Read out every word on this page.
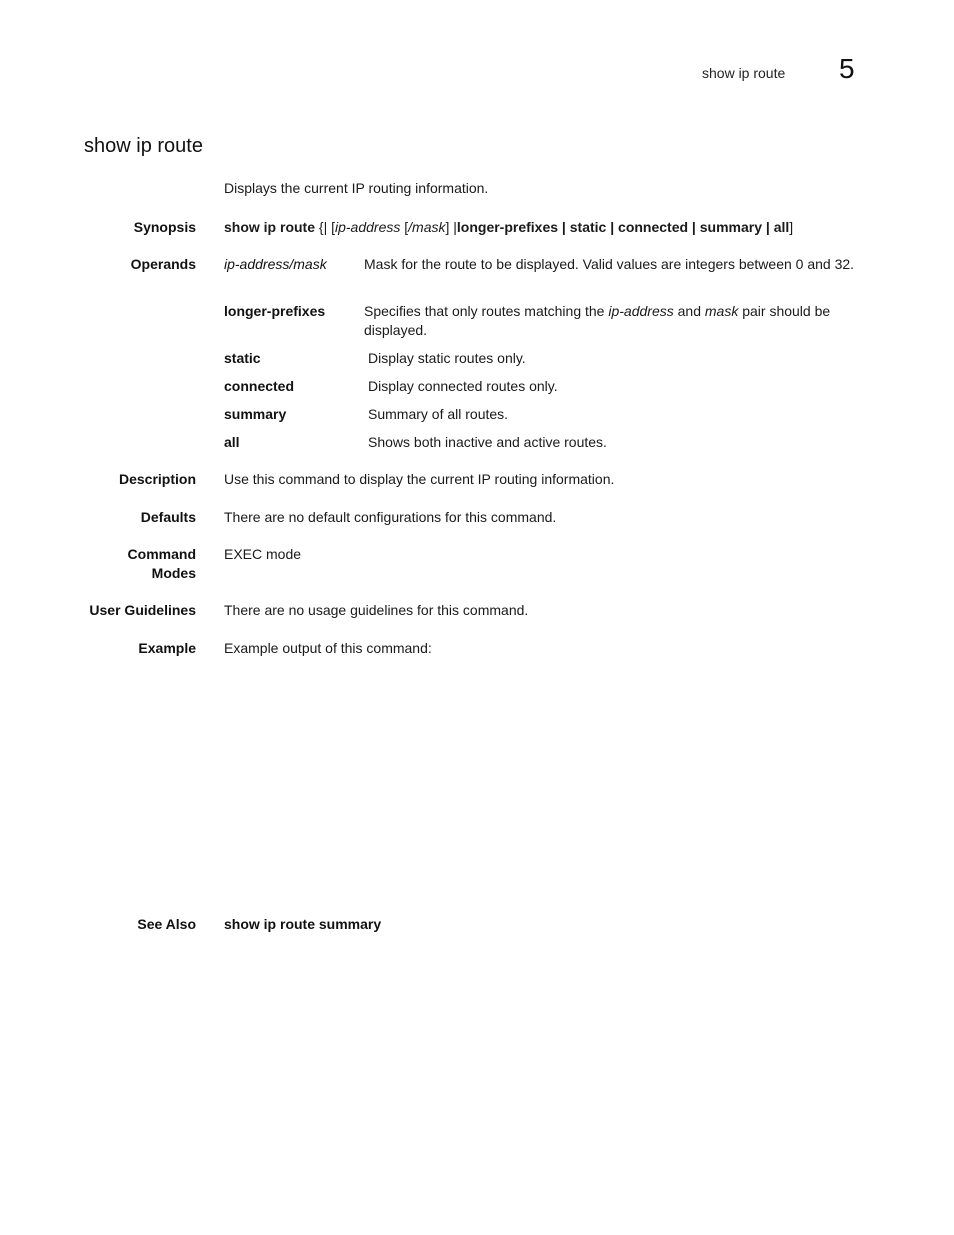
show ip route 5
show ip route
Displays the current IP routing information.
Synopsis show ip route {| [ip-address [/mask] |longer-prefixes | static | connected | summary | all]
Operands ip-address/mask	Mask for the route to be displayed. Valid values are integers between 0 and 32.
longer-prefixes	Specifies that only routes matching the ip-address and mask pair should be displayed.
static	Display static routes only.
connected	Display connected routes only.
summary	Summary of all routes.
all	Shows both inactive and active routes.
Description Use this command to display the current IP routing information.
Defaults There are no default configurations for this command.
Command
Modes
EXEC mode
User Guidelines There are no usage guidelines for this command.
Example Example output of this command:
See Also show ip route summary
